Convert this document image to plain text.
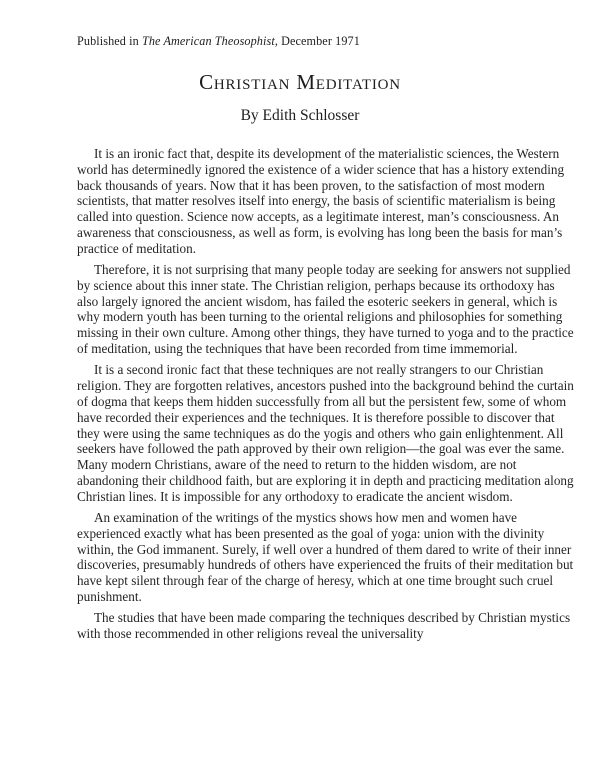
Published in The American Theosophist, December 1971
Christian Meditation
By Edith Schlosser

It is an ironic fact that, despite its development of the materialistic sciences, the Western world has determinedly ignored the existence of a wider science that has a history extending back thousands of years. Now that it has been proven, to the satisfaction of most modern scientists, that matter resolves itself into energy, the basis of scientific materialism is being called into question. Science now accepts, as a legitimate interest, man’s consciousness. An awareness that consciousness, as well as form, is evolving has long been the basis for man’s practice of meditation.

Therefore, it is not surprising that many people today are seeking for answers not supplied by science about this inner state. The Christian religion, perhaps because its orthodoxy has also largely ignored the ancient wisdom, has failed the esoteric seekers in general, which is why modern youth has been turning to the oriental religions and philosophies for something missing in their own culture. Among other things, they have turned to yoga and to the practice of meditation, using the techniques that have been recorded from time immemorial.

It is a second ironic fact that these techniques are not really strangers to our Christian religion. They are forgotten relatives, ancestors pushed into the background behind the curtain of dogma that keeps them hidden successfully from all but the persistent few, some of whom have recorded their experiences and the techniques. It is therefore possible to discover that they were using the same techniques as do the yogis and others who gain enlightenment. All seekers have followed the path approved by their own religion—the goal was ever the same. Many modern Christians, aware of the need to return to the hidden wisdom, are not abandoning their childhood faith, but are exploring it in depth and practicing meditation along Christian lines. It is impossible for any orthodoxy to eradicate the ancient wisdom.

An examination of the writings of the mystics shows how men and women have experienced exactly what has been presented as the goal of yoga: union with the divinity within, the God immanent. Surely, if well over a hundred of them dared to write of their inner discoveries, presumably hundreds of others have experienced the fruits of their meditation but have kept silent through fear of the charge of heresy, which at one time brought such cruel punishment.

The studies that have been made comparing the techniques described by Christian mystics with those recommended in other religions reveal the universality
